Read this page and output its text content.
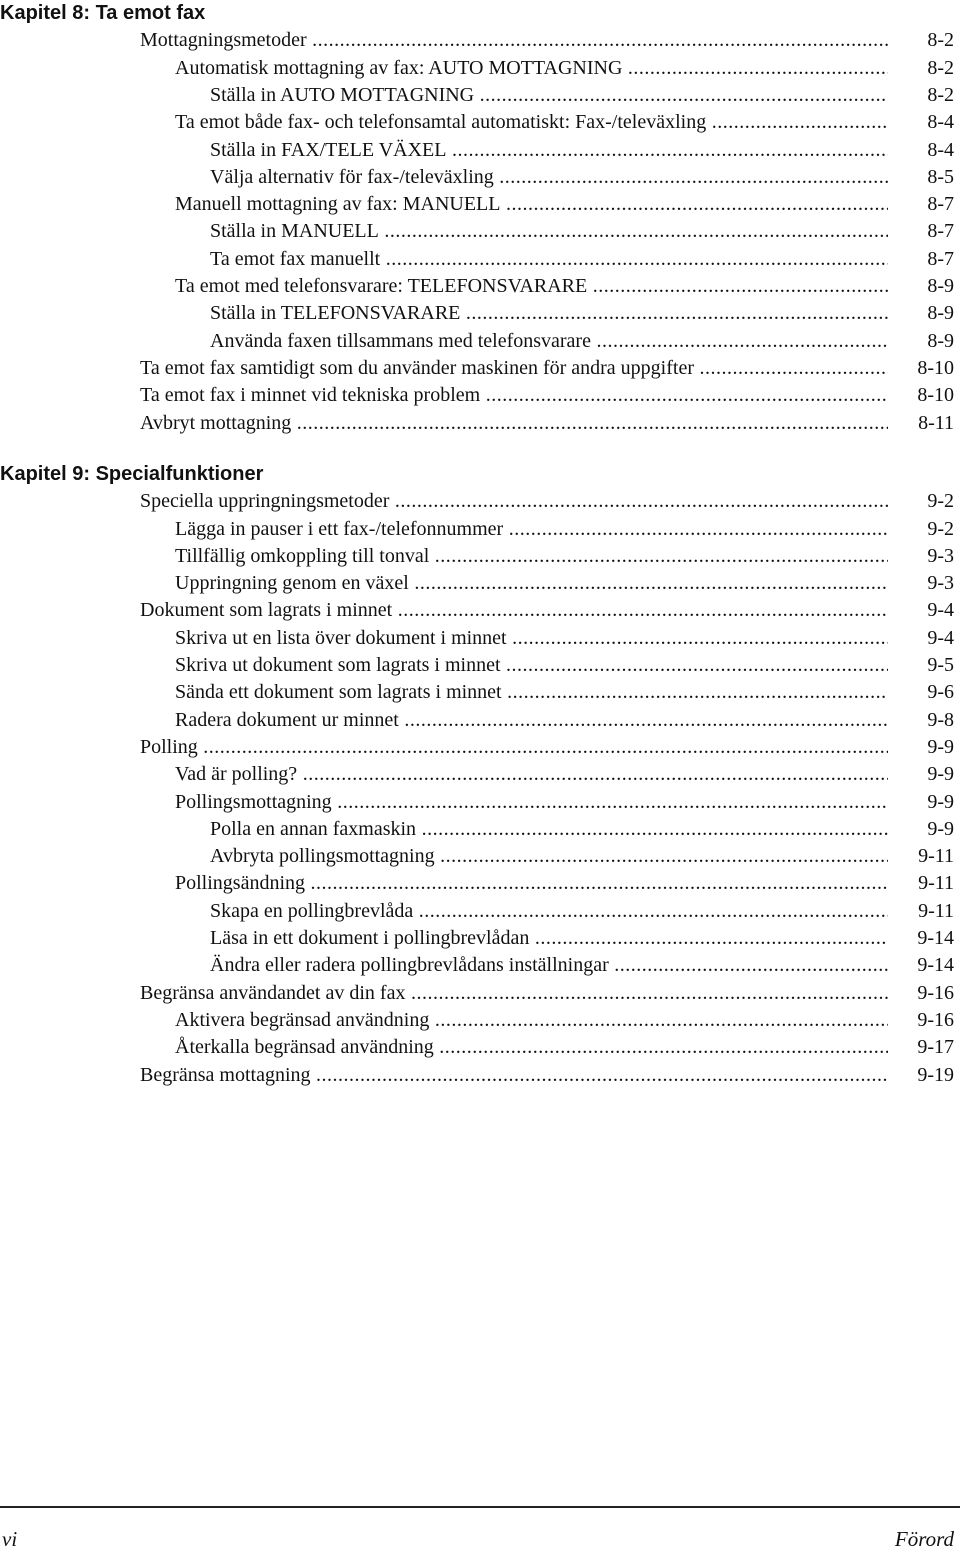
Kapitel 8: Ta emot fax
Mottagningsmetoder .....	8-2
Automatisk mottagning av fax: AUTO MOTTAGNING .....	8-2
Ställa in AUTO MOTTAGNING .....	8-2
Ta emot både fax- och telefonsamtal automatiskt: Fax-/televäxling .....	8-4
Ställa in FAX/TELE VÄXEL .....	8-4
Välja alternativ för fax-/televäxling .....	8-5
Manuell mottagning av fax: MANUELL .....	8-7
Ställa in MANUELL .....	8-7
Ta emot fax manuellt .....	8-7
Ta emot med telefonsvarare: TELEFONSVARARE .....	8-9
Ställa in TELEFONSVARARE .....	8-9
Använda faxen tillsammans med telefonsvarare .....	8-9
Ta emot fax samtidigt som du använder maskinen för andra uppgifter .....	8-10
Ta emot fax i minnet vid tekniska problem .....	8-10
Avbryt mottagning .....	8-11
Kapitel 9: Specialfunktioner
Speciella uppringningsmetoder .....	9-2
Lägga in pauser i ett fax-/telefonnummer .....	9-2
Tillfällig omkoppling till tonval .....	9-3
Uppringning genom en växel .....	9-3
Dokument som lagrats i minnet .....	9-4
Skriva ut en lista över dokument i minnet .....	9-4
Skriva ut dokument som lagrats i minnet .....	9-5
Sända ett dokument som lagrats i minnet .....	9-6
Radera dokument ur minnet .....	9-8
Polling .....	9-9
Vad är polling? .....	9-9
Pollingsmottagning .....	9-9
Polla en annan faxmaskin .....	9-9
Avbryta pollingsmottagning .....	9-11
Pollingsändning .....	9-11
Skapa en pollingbrevlåda .....	9-11
Läsa in ett dokument i pollingbrevlådan .....	9-14
Ändra eller radera pollingbrevlådans inställningar .....	9-14
Begränsa användandet av din fax .....	9-16
Aktivera begränsad användning .....	9-16
Återkalla begränsad användning .....	9-17
Begränsa mottagning .....	9-19
vi	Förord
